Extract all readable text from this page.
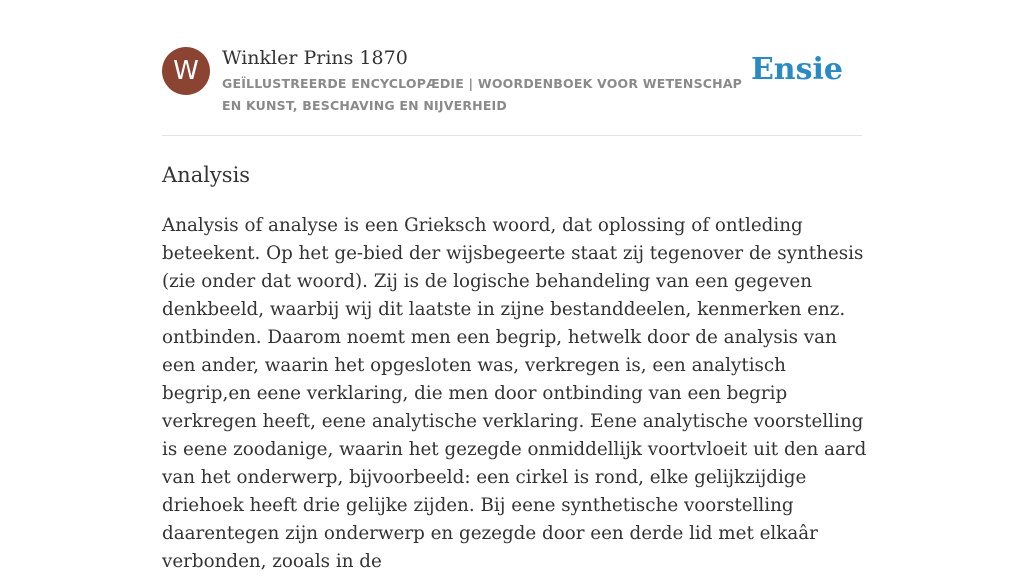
W	Winkler Prins 1870
GEÏLLUSTREERDE ENCYCLOPÆDIE | WOORDENBOEK VOOR WETENSCHAP EN KUNST, BESCHAVING EN NIJVERHEID
Ensie
Analysis

Analysis of analyse is een Grieksch woord, dat oplossing of ontleding beteekent. Op het ge-bied der wijsbegeerte staat zij tegenover de synthesis (zie onder dat woord). Zij is de logische behandeling van een gegeven denkbeeld, waarbij wij dit laatste in zijne bestanddeelen, kenmerken enz. ontbinden. Daarom noemt men een begrip, hetwelk door de analysis van een ander, waarin het opgesloten was, verkregen is, een analytisch begrip,en eene verklaring, die men door ontbinding van een begrip verkregen heeft, eene analytische verklaring. Eene analytische voorstelling is eene zoodanige, waarin het gezegde onmiddellijk voortvloeit uit den aard van het onderwerp, bijvoorbeeld: een cirkel is rond, elke gelijkzijdige driehoek heeft drie gelijke zijden. Bij eene synthetische voorstelling daarentegen zijn onderwerp en gezegde door een derde lid met elkaâr verbonden, zooals in de
